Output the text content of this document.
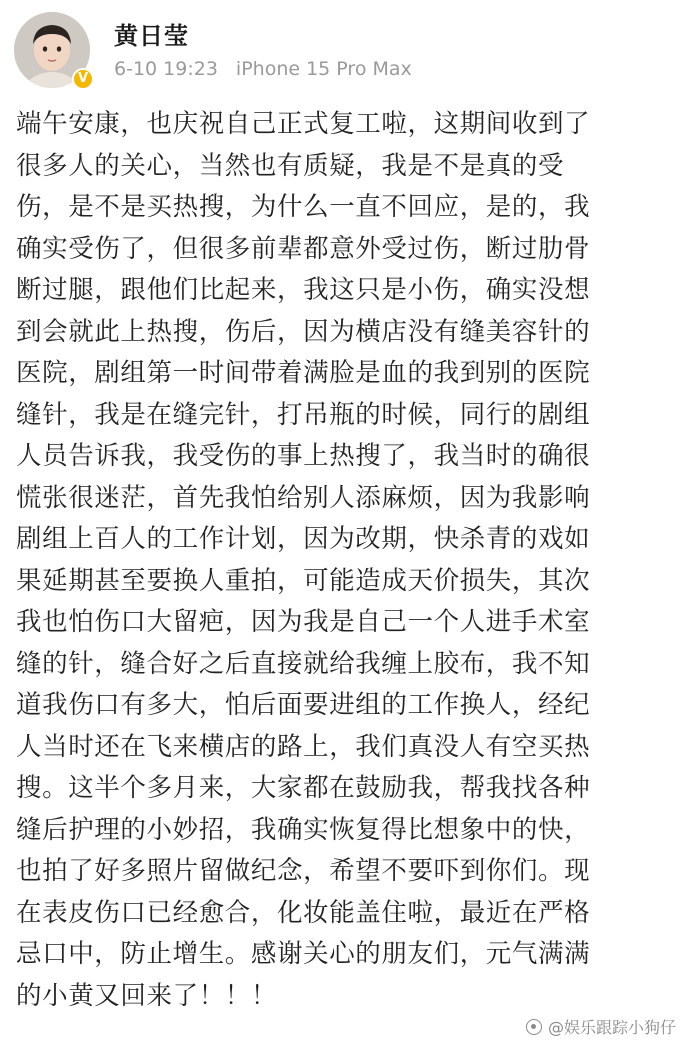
V
黄日莹
6-10 19:23 iPhone 15 Pro Max
端午安康，也庆祝自己正式复工啦，这期间收到了
很多人的关心，当然也有质疑，我是不是真的受
伤，是不是买热搜，为什么一直不回应，是的，我
确实受伤了，但很多前辈都意外受过伤，断过肋骨
断过腿，跟他们比起来，我这只是小伤，确实没想
到会就此上热搜，伤后，因为横店没有缝美容针的
医院，剧组第一时间带着满脸是血的我到别的医院
缝针，我是在缝完针，打吊瓶的时候，同行的剧组
人员告诉我，我受伤的事上热搜了，我当时的确很
慌张很迷茫，首先我怕给别人添麻烦，因为我影响
剧组上百人的工作计划，因为改期，快杀青的戏如
果延期甚至要换人重拍，可能造成天价损失，其次
我也怕伤口大留疤，因为我是自己一个人进手术室
缝的针，缝合好之后直接就给我缠上胶布，我不知
道我伤口有多大，怕后面要进组的工作换人，经纪
人当时还在飞来横店的路上，我们真没人有空买热
搜。这半个多月来，大家都在鼓励我，帮我找各种
缝后护理的小妙招，我确实恢复得比想象中的快，
也拍了好多照片留做纪念，希望不要吓到你们。现
在表皮伤口已经愈合，化妆能盖住啦，最近在严格
忌口中，防止增生。感谢关心的朋友们，元气满满
的小黄又回来了！！！
@娱乐跟踪小狗仔
